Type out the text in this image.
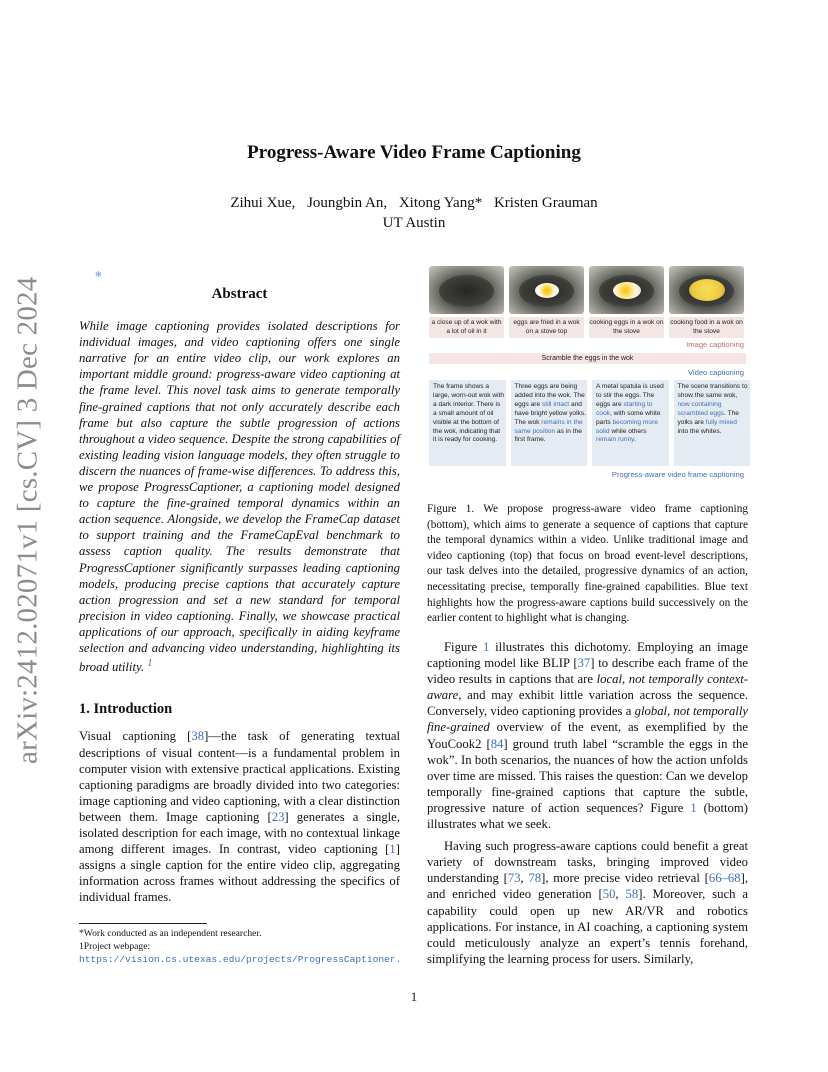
arXiv:2412.02071v1 [cs.CV] 3 Dec 2024
Progress-Aware Video Frame Captioning
Zihui Xue, Joungbin An, Xitong Yang* Kristen Grauman
UT Austin
✻
Abstract

While image captioning provides isolated descriptions for individual images, and video captioning offers one single narrative for an entire video clip, our work explores an important middle ground: progress-aware video captioning at the frame level. This novel task aims to generate temporally fine-grained captions that not only accurately describe each frame but also capture the subtle progression of actions throughout a video sequence. Despite the strong capabilities of existing leading vision language models, they often struggle to discern the nuances of frame-wise differences. To address this, we propose ProgressCaptioner, a captioning model designed to capture the fine-grained temporal dynamics within an action sequence. Alongside, we develop the FrameCap dataset to support training and the FrameCapEval benchmark to assess caption quality. The results demonstrate that ProgressCaptioner significantly surpasses leading captioning models, producing precise captions that accurately capture action progression and set a new standard for temporal precision in video captioning. Finally, we showcase practical applications of our approach, specifically in aiding keyframe selection and advancing video understanding, highlighting its broad utility. $^1$

1. Introduction

Visual captioning [38]—the task of generating textual descriptions of visual content—is a fundamental problem in computer vision with extensive practical applications. Existing captioning paradigms are broadly divided into two categories: image captioning and video captioning, with a clear distinction between them. Image captioning [23] generates a single, isolated description for each image, with no contextual linkage among different images. In contrast, video captioning [1] assigns a single caption for the entire video clip, aggregating information across frames without addressing the specifics of individual frames.

*Work conducted as an independent researcher.
1Project webpage: https://vision.cs.utexas.edu/projects/ProgressCaptioner.
a close up of a wok with a lot of oil in it
eggs are fried in a wok on a stove top
cooking eggs in a wok on the stove
cooking food in a wok on the stove
Image captioning
Scramble the eggs in the wok
Video captioning
The frame shows a large, worn-out wok with a dark interior. There is a small amount of oil visible at the bottom of the wok, indicating that it is ready for cooking.
Three eggs are being added into the wok. The eggs are still intact and have bright yellow yolks. The wok remains in the same position as in the first frame.
A metal spatula is used to stir the eggs. The eggs are starting to cook, with some white parts becoming more solid while others remain runny.
The scene transitions to show the same wok, now containing scrambled eggs. The yolks are fully mixed into the whites.
Progress-aware video frame captioning
Figure 1. We propose progress-aware video frame captioning (bottom), which aims to generate a sequence of captions that capture the temporal dynamics within a video. Unlike traditional image and video captioning (top) that focus on broad event-level descriptions, our task delves into the detailed, progressive dynamics of an action, necessitating precise, temporally fine-grained capabilities. Blue text highlights how the progress-aware captions build successively on the earlier content to highlight what is changing.

Figure 1 illustrates this dichotomy. Employing an image captioning model like BLIP [37] to describe each frame of the video results in captions that are local, not temporally context-aware, and may exhibit little variation across the sequence. Conversely, video captioning provides a global, not temporally fine-grained overview of the event, as exemplified by the YouCook2 [84] ground truth label “scramble the eggs in the wok”. In both scenarios, the nuances of how the action unfolds over time are missed. This raises the question: Can we develop temporally fine-grained captions that capture the subtle, progressive nature of action sequences? Figure 1 (bottom) illustrates what we seek.

Having such progress-aware captions could benefit a great variety of downstream tasks, bringing improved video understanding [73, 78], more precise video retrieval [66–68], and enriched video generation [50, 58]. Moreover, such a capability could open up new AR/VR and robotics applications. For instance, in AI coaching, a captioning system could meticulously analyze an expert’s tennis forehand, simplifying the learning process for users. Similarly,

1
